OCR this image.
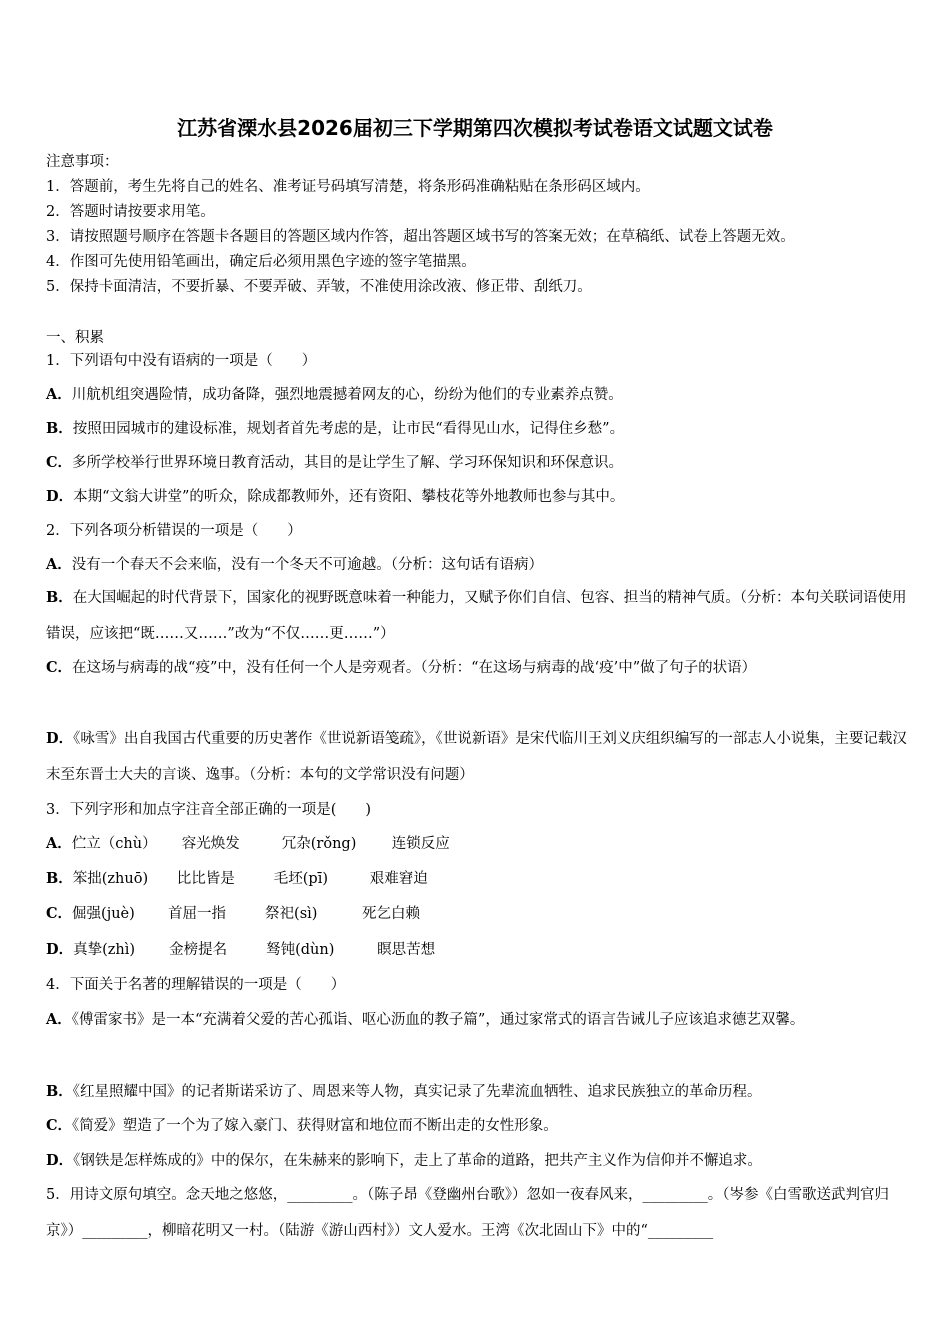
江苏省溧水县2026届初三下学期第四次模拟考试卷语文试题文试卷
注意事项：
1．答题前，考生先将自己的姓名、准考证号码填写清楚，将条形码准确粘贴在条形码区域内。
2．答题时请按要求用笔。
3．请按照题号顺序在答题卡各题目的答题区域内作答，超出答题区域书写的答案无效；在草稿纸、试卷上答题无效。
4．作图可先使用铅笔画出，确定后必须用黑色字迹的签字笔描黑。
5．保持卡面清洁，不要折暴、不要弄破、弄皱，不准使用涂改液、修正带、刮纸刀。
一、积累
1．下列语句中没有语病的一项是（　　）
A．川航机组突遇险情，成功备降，强烈地震撼着网友的心，纷纷为他们的专业素养点赞。
B．按照田园城市的建设标准，规划者首先考虑的是，让市民“看得见山水，记得住乡愁”。
C．多所学校举行世界环境日教育活动，其目的是让学生了解、学习环保知识和环保意识。
D．本期“文翁大讲堂”的听众，除成都教师外，还有资阳、攀枝花等外地教师也参与其中。
2．下列各项分析错误的一项是（　　）
A．没有一个春天不会来临，没有一个冬天不可逾越。（分析：这句话有语病）
B．在大国崛起的时代背景下，国家化的视野既意味着一种能力，又赋予你们自信、包容、担当的精神气质。（分析：本句关联词语使用错误，应该把“既……又……”改为“不仅……更……”）
C．在这场与病毒的战“疫”中，没有任何一个人是旁观者。（分析：“在这场与病毒的战‘疫’中”做了句子的状语）
D．《咏雪》出自我国古代重要的历史著作《世说新语笺疏》，《世说新语》是宋代临川王刘义庆组织编写的一部志人小说集，主要记载汉末至东晋士大夫的言谈、逸事。（分析：本句的文学常识没有问题）
3．下列字形和加点字注音全部正确的一项是(　　)
A．伫立（chù） 容光焕发	冗杂(rǒng) 连锁反应
B．笨拙(zhuō) 比比皆是	毛坯(pī)	艰难窘迫
C．倔强(juè) 首屈一指	祭祀(sì)	死乞白赖
D．真挚(zhì) 金榜提名	驽钝(dùn)	瞑思苦想
4．下面关于名著的理解错误的一项是（　　）
A．《傅雷家书》是一本“充满着父爱的苦心孤诣、呕心沥血的教子篇”，通过家常式的语言告诫儿子应该追求德艺双馨。
B．《红星照耀中国》的记者斯诺采访了、周恩来等人物，真实记录了先辈流血牺牲、追求民族独立的革命历程。
C．《简爱》塑造了一个为了嫁入豪门、获得财富和地位而不断出走的女性形象。
D．《钢铁是怎样炼成的》中的保尔，在朱赫来的影响下，走上了革命的道路，把共产主义作为信仰并不懈追求。
5．用诗文原句填空。念天地之悠悠，_________。（陈子昂《登幽州台歌》）忽如一夜春风来，_________。（岑参《白雪歌送武判官归京》）_________，柳暗花明又一村。（陆游《游山西村》）文人爱水。王湾《次北固山下》中的“_________
